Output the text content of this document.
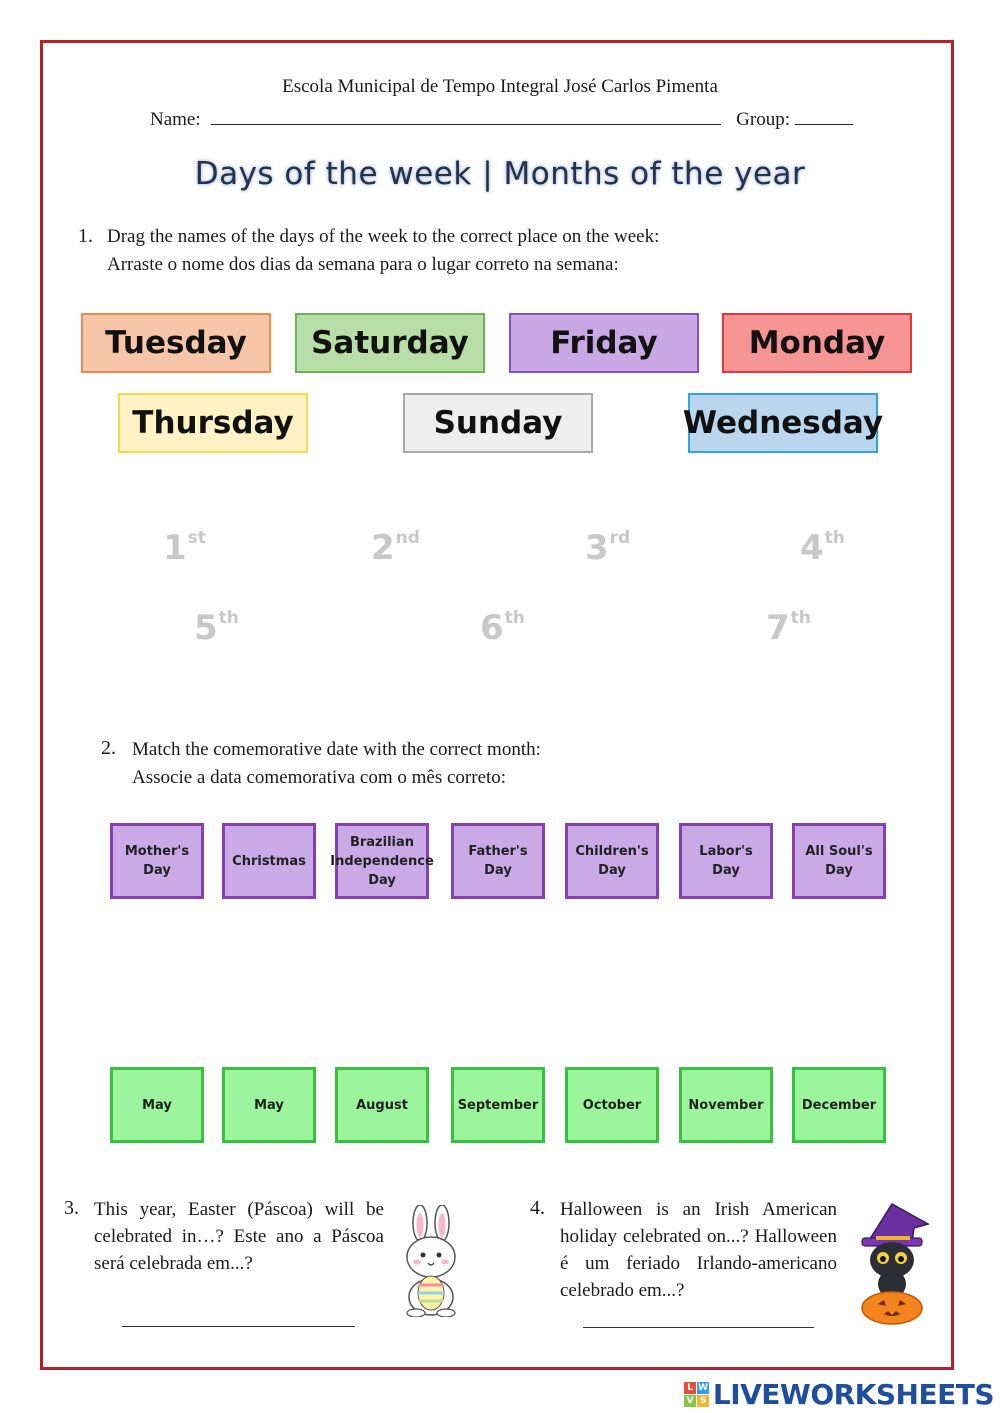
Escola Municipal de Tempo Integral José Carlos Pimenta
Name:	Group:
Days of the week | Months of the year
1. Drag the names of the days of the week to the correct place on the week:
Arraste o nome dos dias da semana para o lugar correto na semana:
Tuesday	Saturday	Friday	Monday
Thursday	Sunday	Wednesday
1st	2nd	3rd	4th
5th	6th	7th
2. Match the comemorative date with the correct month:
Associe a data comemorativa com o mês correto:
Mother's Day
Christmas
Brazilian Independence Day
Father's Day
Children's Day
Labor's Day
All Soul's Day
May	May	August	September	October	November	December
3. This year, Easter (Páscoa) will be celebrated in…? Este ano a Páscoa será celebrada em...?
4. Halloween is an Irish American holiday celebrated on...? Halloween é um feriado Irlando-americano celebrado em...?
L W
V S LIVEWORKSHEETS
